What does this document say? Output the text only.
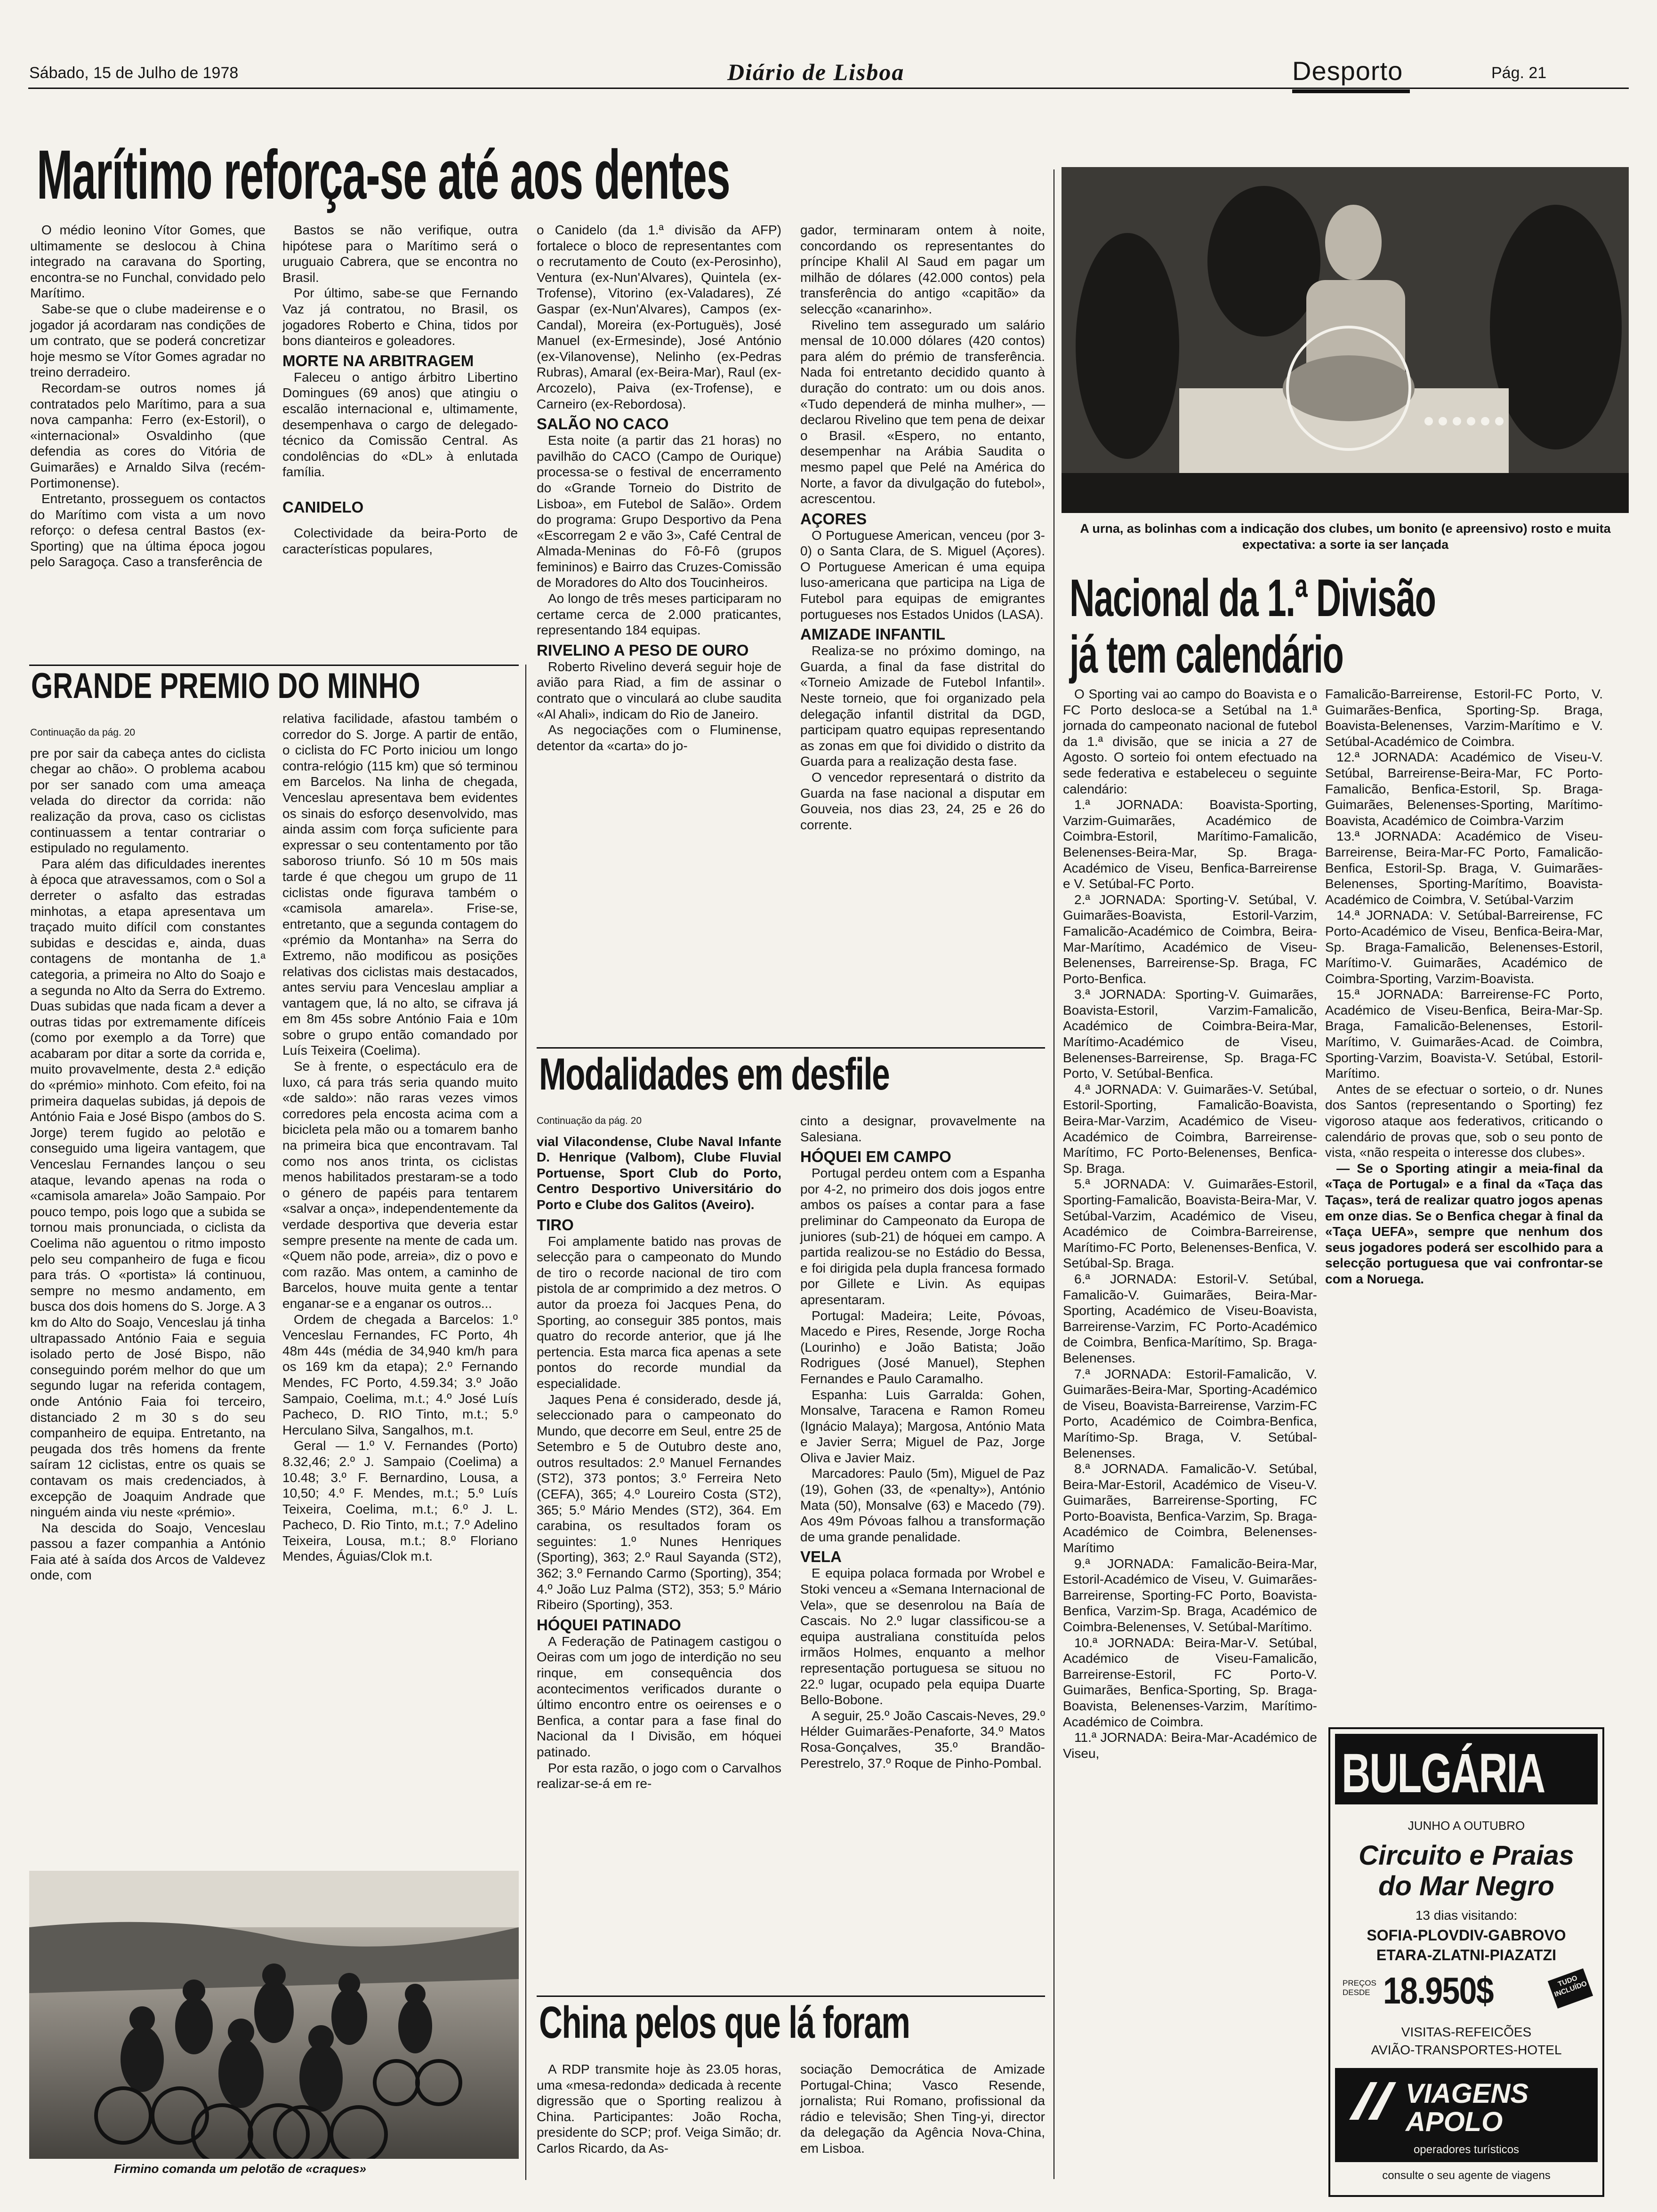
Sábado, 15 de Julho de 1978	Diário de Lisboa	Desporto	Pág. 21
Marítimo reforça-se até aos dentes

O médio leonino Vítor Gomes, que ultimamente se deslocou à China integrado na caravana do Sporting, encontra-se no Funchal, convidado pelo Marítimo.

Sabe-se que o clube madeirense e o jogador já acordaram nas condições de um contrato, que se poderá concretizar hoje mesmo se Vítor Gomes agradar no treino derradeiro.

Recordam-se outros nomes já contratados pelo Marítimo, para a sua nova campanha: Ferro (ex-Estoril), o «internacional» Osvaldinho (que defendia as cores do Vitória de Guimarães) e Arnaldo Silva (recém-Portimonense).

Entretanto, prosseguem os contactos do Marítimo com vista a um novo reforço: o defesa central Bastos (ex-Sporting) que na última época jogou pelo Saragoça. Caso a transferência de

Bastos se não verifique, outra hipótese para o Marítimo será o uruguaio Cabrera, que se encontra no Brasil.

Por último, sabe-se que Fernando Vaz já contratou, no Brasil, os jogadores Roberto e China, tidos por bons dianteiros e goleadores.

MORTE NA ARBITRAGEM

Faleceu o antigo árbitro Libertino Domingues (69 anos) que atingiu o escalão internacional e, ultimamente, desempenhava o cargo de delegado-técnico da Comissão Central. As condolências do «DL» à enlutada família.

CANIDELO

Colectividade da beira-Porto de características populares,

o Canidelo (da 1.ª divisão da AFP) fortalece o bloco de representantes com o recrutamento de Couto (ex-Perosinho), Ventura (ex-Nun'Alvares), Quintela (ex-Trofense), Vitorino (ex-Valadares), Zé Gaspar (ex-Nun'Alvares), Campos (ex-Candal), Moreira (ex-Portuguës), José Manuel (ex-Ermesinde), José António (ex-Vilanovense), Nelinho (ex-Pedras Rubras), Amaral (ex-Beira-Mar), Raul (ex-Arcozelo), Paiva (ex-Trofense), e Carneiro (ex-Rebordosa).

SALÃO NO CACO

Esta noite (a partir das 21 horas) no pavilhão do CACO (Campo de Ourique) processa-se o festival de encerramento do «Grande Torneio do Distrito de Lisboa», em Futebol de Salão». Ordem do programa: Grupo Desportivo da Pena «Escorregam 2 e vão 3», Café Central de Almada-Meninas do Fô-Fô (grupos femininos) e Bairro das Cruzes-Comissão de Moradores do Alto dos Toucinheiros.

Ao longo de três meses participaram no certame cerca de 2.000 praticantes, representando 184 equipas.

RIVELINO A PESO DE OURO

Roberto Rivelino deverá seguir hoje de avião para Riad, a fim de assinar o contrato que o vinculará ao clube saudita «Al Ahali», indicam do Rio de Janeiro.

As negociações com o Fluminense, detentor da «carta» do jo-

gador, terminaram ontem à noite, concordando os representantes do príncipe Khalil Al Saud em pagar um milhão de dólares (42.000 contos) pela transferência do antigo «capitão» da selecção «canarinho».

Rivelino tem assegurado um salário mensal de 10.000 dólares (420 contos) para além do prémio de transferência. Nada foi entretanto decidido quanto à duração do contrato: um ou dois anos. «Tudo dependerá de minha mulher», — declarou Rivelino que tem pena de deixar o Brasil. «Espero, no entanto, desempenhar na Arábia Saudita o mesmo papel que Pelé na América do Norte, a favor da divulgação do futebol», acrescentou.

AÇORES

O Portuguese American, venceu (por 3-0) o Santa Clara, de S. Miguel (Açores). O Portuguese American é uma equipa luso-americana que participa na Liga de Futebol para equipas de emigrantes portugueses nos Estados Unidos (LASA).

AMIZADE INFANTIL

Realiza-se no próximo domingo, na Guarda, a final da fase distrital do «Torneio Amizade de Futebol Infantil». Neste torneio, que foi organizado pela delegação infantil distrital da DGD, participam quatro equipas representando as zonas em que foi dividido o distrito da Guarda para a realização desta fase.

O vencedor representará o distrito da Guarda na fase nacional a disputar em Gouveia, nos dias 23, 24, 25 e 26 do corrente.

GRANDE PREMIO DO MINHO

Continuação da pág. 20

pre por sair da cabeça antes do ciclista chegar ao chão». O problema acabou por ser sanado com uma ameaça velada do director da corrida: não realização da prova, caso os ciclistas continuassem a tentar contrariar o estipulado no regulamento.

Para além das dificuldades inerentes à época que atravessamos, com o Sol a derreter o asfalto das estradas minhotas, a etapa apresentava um traçado muito difícil com constantes subidas e descidas e, ainda, duas contagens de montanha de 1.ª categoria, a primeira no Alto do Soajo e a segunda no Alto da Serra do Extremo. Duas subidas que nada ficam a dever a outras tidas por extremamente difíceis (como por exemplo a da Torre) que acabaram por ditar a sorte da corrida e, muito provavelmente, desta 2.ª edição do «prémio» minhoto. Com efeito, foi na primeira daquelas subidas, já depois de António Faia e José Bispo (ambos do S. Jorge) terem fugido ao pelotão e conseguido uma ligeira vantagem, que Venceslau Fernandes lançou o seu ataque, levando apenas na roda o «camisola amarela» João Sampaio. Por pouco tempo, pois logo que a subida se tornou mais pronunciada, o ciclista da Coelima não aguentou o ritmo imposto pelo seu companheiro de fuga e ficou para trás. O «portista» lá continuou, sempre no mesmo andamento, em busca dos dois homens do S. Jorge. A 3 km do Alto do Soajo, Venceslau já tinha ultrapassado António Faia e seguia isolado perto de José Bispo, não conseguindo porém melhor do que um segundo lugar na referida contagem, onde António Faia foi terceiro, distanciado 2 m 30 s do seu companheiro de equipa. Entretanto, na peugada dos três homens da frente saíram 12 ciclistas, entre os quais se contavam os mais credenciados, à excepção de Joaquim Andrade que ninguém ainda viu neste «prémio».

Na descida do Soajo, Venceslau passou a fazer companhia a António Faia até à saída dos Arcos de Valdevez onde, com

relativa facilidade, afastou também o corredor do S. Jorge. A partir de então, o ciclista do FC Porto iniciou um longo contra-relógio (115 km) que só terminou em Barcelos. Na linha de chegada, Venceslau apresentava bem evidentes os sinais do esforço desenvolvido, mas ainda assim com força suficiente para expressar o seu contentamento por tão saboroso triunfo. Só 10 m 50s mais tarde é que chegou um grupo de 11 ciclistas onde figurava também o «camisola amarela». Frise-se, entretanto, que a segunda contagem do «prémio da Montanha» na Serra do Extremo, não modificou as posições relativas dos ciclistas mais destacados, antes serviu para Venceslau ampliar a vantagem que, lá no alto, se cifrava já em 8m 45s sobre António Faia e 10m sobre o grupo então comandado por Luís Teixeira (Coelima).

Se à frente, o espectáculo era de luxo, cá para trás seria quando muito «de saldo»: não raras vezes vimos corredores pela encosta acima com a bicicleta pela mão ou a tomarem banho na primeira bica que encontravam. Tal como nos anos trinta, os ciclistas menos habilitados prestaram-se a todo o género de papéis para tentarem «salvar a onça», independentemente da verdade desportiva que deveria estar sempre presente na mente de cada um. «Quem não pode, arreia», diz o povo e com razão. Mas ontem, a caminho de Barcelos, houve muita gente a tentar enganar-se e a enganar os outros...

Ordem de chegada a Barcelos: 1.º Venceslau Fernandes, FC Porto, 4h 48m 44s (média de 34,940 km/h para os 169 km da etapa); 2.º Fernando Mendes, FC Porto, 4.59.34; 3.º João Sampaio, Coelima, m.t.; 4.º José Luís Pacheco, D. RIO Tinto, m.t.; 5.º Herculano Silva, Sangalhos, m.t.

Geral — 1.º V. Fernandes (Porto) 8.32,46; 2.º J. Sampaio (Coelima) a 10.48; 3.º F. Bernardino, Lousa, a 10,50; 4.º F. Mendes, m.t.; 5.º Luís Teixeira, Coelima, m.t.; 6.º J. L. Pacheco, D. Rio Tinto, m.t.; 7.º Adelino Teixeira, Lousa, m.t.; 8.º Floriano Mendes, Águias/Clok m.t.

Firmino comanda um pelotão de «craques»
Modalidades em desfile

Continuação da pág. 20

vial Vilacondense, Clube Naval Infante D. Henrique (Valbom), Clube Fluvial Portuense, Sport Club do Porto, Centro Desportivo Universitário do Porto e Clube dos Galitos (Aveiro).

TIRO

Foi amplamente batido nas provas de selecção para o campeonato do Mundo de tiro o recorde nacional de tiro com pistola de ar comprimido a dez metros. O autor da proeza foi Jacques Pena, do Sporting, ao conseguir 385 pontos, mais quatro do recorde anterior, que já lhe pertencia. Esta marca fica apenas a sete pontos do recorde mundial da especialidade.

Jaques Pena é considerado, desde já, seleccionado para o campeonato do Mundo, que decorre em Seul, entre 25 de Setembro e 5 de Outubro deste ano, outros resultados: 2.º Manuel Fernandes (ST2), 373 pontos; 3.º Ferreira Neto (CEFA), 365; 4.º Loureiro Costa (ST2), 365; 5.º Mário Mendes (ST2), 364. Em carabina, os resultados foram os seguintes: 1.º Nunes Henriques (Sporting), 363; 2.º Raul Sayanda (ST2), 362; 3.º Fernando Carmo (Sporting), 354; 4.º João Luz Palma (ST2), 353; 5.º Mário Ribeiro (Sporting), 353.

HÓQUEI PATINADO

A Federação de Patinagem castigou o Oeiras com um jogo de interdição no seu rinque, em consequência dos acontecimentos verificados durante o último encontro entre os oeirenses e o Benfica, a contar para a fase final do Nacional da I Divisão, em hóquei patinado.

Por esta razão, o jogo com o Carvalhos realizar-se-á em re-

cinto a designar, provavelmente na Salesiana.

HÓQUEI EM CAMPO

Portugal perdeu ontem com a Espanha por 4-2, no primeiro dos dois jogos entre ambos os países a contar para a fase preliminar do Campeonato da Europa de juniores (sub-21) de hóquei em campo. A partida realizou-se no Estádio do Bessa, e foi dirigida pela dupla francesa formado por Gillete e Livin. As equipas apresentaram.

Portugal: Madeira; Leite, Póvoas, Macedo e Pires, Resende, Jorge Rocha (Lourinho) e João Batista; João Rodrigues (José Manuel), Stephen Fernandes e Paulo Caramalho.

Espanha: Luis Garralda: Gohen, Monsalve, Taracena e Ramon Romeu (Ignácio Malaya); Margosa, António Mata e Javier Serra; Miguel de Paz, Jorge Oliva e Javier Maiz.

Marcadores: Paulo (5m), Miguel de Paz (19), Gohen (33, de «penalty»), António Mata (50), Monsalve (63) e Macedo (79). Aos 49m Póvoas falhou a transformação de uma grande penalidade.

VELA

E equipa polaca formada por Wrobel e Stoki venceu a «Semana Internacional de Vela», que se desenrolou na Baía de Cascais. No 2.º lugar classificou-se a equipa australiana constituída pelos irmãos Holmes, enquanto a melhor representação portuguesa se situou no 22.º lugar, ocupado pela equipa Duarte Bello-Bobone.

A seguir, 25.º João Cascais-Neves, 29.º Hélder Guimarães-Penaforte, 34.º Matos Rosa-Gonçalves, 35.º Brandão-Perestrelo, 37.º Roque de Pinho-Pombal.

China pelos que lá foram

A RDP transmite hoje às 23.05 horas, uma «mesa-redonda» dedicada à recente digressão que o Sporting realizou à China. Participantes: João Rocha, presidente do SCP; prof. Veiga Simão; dr. Carlos Ricardo, da As-

sociação Democrática de Amizade Portugal-China; Vasco Resende, jornalista; Rui Romano, profissional da rádio e televisão; Shen Ting-yi, director da delegação da Agência Nova-China, em Lisboa.

A urna, as bolinhas com a indicação dos clubes, um bonito (e apreensivo) rosto e muita expectativa: a sorte ia ser lançada
Nacional da 1.ª Divisão
já tem calendário

O Sporting vai ao campo do Boavista e o FC Porto desloca-se a Setúbal na 1.ª jornada do campeonato nacional de futebol da 1.ª divisão, que se inicia a 27 de Agosto. O sorteio foi ontem efectuado na sede federativa e estabeleceu o seguinte calendário:

1.ª JORNADA: Boavista-Sporting, Varzim-Guimarães, Académico de Coimbra-Estoril, Marítimo-Famalicão, Belenenses-Beira-Mar, Sp. Braga-Académico de Viseu, Benfica-Barreirense e V. Setúbal-FC Porto.

2.ª JORNADA: Sporting-V. Setúbal, V. Guimarães-Boavista, Estoril-Varzim, Famalicão-Académico de Coimbra, Beira-Mar-Marítimo, Académico de Viseu-Belenenses, Barreirense-Sp. Braga, FC Porto-Benfica.

3.ª JORNADA: Sporting-V. Guimarães, Boavista-Estoril, Varzim-Famalicão, Académico de Coimbra-Beira-Mar, Marítimo-Académico de Viseu, Belenenses-Barreirense, Sp. Braga-FC Porto, V. Setúbal-Benfica.

4.ª JORNADA: V. Guimarães-V. Setúbal, Estoril-Sporting, Famalicão-Boavista, Beira-Mar-Varzim, Académico de Viseu-Académico de Coimbra, Barreirense-Marítimo, FC Porto-Belenenses, Benfica-Sp. Braga.

5.ª JORNADA: V. Guimarães-Estoril, Sporting-Famalicão, Boavista-Beira-Mar, V. Setúbal-Varzim, Académico de Viseu, Académico de Coimbra-Barreirense, Marítimo-FC Porto, Belenenses-Benfica, V. Setúbal-Sp. Braga.

6.ª JORNADA: Estoril-V. Setúbal, Famalicão-V. Guimarães, Beira-Mar-Sporting, Académico de Viseu-Boavista, Barreirense-Varzim, FC Porto-Académico de Coimbra, Benfica-Marítimo, Sp. Braga-Belenenses.

7.ª JORNADA: Estoril-Famalicão, V. Guimarães-Beira-Mar, Sporting-Académico de Viseu, Boavista-Barreirense, Varzim-FC Porto, Académico de Coimbra-Benfica, Marítimo-Sp. Braga, V. Setúbal-Belenenses.

8.ª JORNADA. Famalicão-V. Setúbal, Beira-Mar-Estoril, Académico de Viseu-V. Guimarães, Barreirense-Sporting, FC Porto-Boavista, Benfica-Varzim, Sp. Braga-Académico de Coimbra, Belenenses-Marítimo

9.ª JORNADA: Famalicão-Beira-Mar, Estoril-Académico de Viseu, V. Guimarães-Barreirense, Sporting-FC Porto, Boavista-Benfica, Varzim-Sp. Braga, Académico de Coimbra-Belenenses, V. Setúbal-Marítimo.

10.ª JORNADA: Beira-Mar-V. Setúbal, Académico de Viseu-Famalicão, Barreirense-Estoril, FC Porto-V. Guimarães, Benfica-Sporting, Sp. Braga-Boavista, Belenenses-Varzim, Marítimo-Académico de Coimbra.

11.ª JORNADA: Beira-Mar-Académico de Viseu,

Famalicão-Barreirense, Estoril-FC Porto, V. Guimarães-Benfica, Sporting-Sp. Braga, Boavista-Belenenses, Varzim-Marítimo e V. Setúbal-Académico de Coimbra.

12.ª JORNADA: Académico de Viseu-V. Setúbal, Barreirense-Beira-Mar, FC Porto-Famalicão, Benfica-Estoril, Sp. Braga-Guimarães, Belenenses-Sporting, Marítimo-Boavista, Académico de Coimbra-Varzim

13.ª JORNADA: Académico de Viseu-Barreirense, Beira-Mar-FC Porto, Famalicão-Benfica, Estoril-Sp. Braga, V. Guimarães-Belenenses, Sporting-Marítimo, Boavista-Académico de Coimbra, V. Setúbal-Varzim

14.ª JORNADA: V. Setúbal-Barreirense, FC Porto-Académico de Viseu, Benfica-Beira-Mar, Sp. Braga-Famalicão, Belenenses-Estoril, Marítimo-V. Guimarães, Académico de Coimbra-Sporting, Varzim-Boavista.

15.ª JORNADA: Barreirense-FC Porto, Académico de Viseu-Benfica, Beira-Mar-Sp. Braga, Famalicão-Belenenses, Estoril-Marítimo, V. Guimarães-Acad. de Coimbra, Sporting-Varzim, Boavista-V. Setúbal, Estoril-Marítimo.

Antes de se efectuar o sorteio, o dr. Nunes dos Santos (representando o Sporting) fez vigoroso ataque aos federativos, criticando o calendário de provas que, sob o seu ponto de vista, «não respeita o interesse dos clubes».

— Se o Sporting atingir a meia-final da «Taça de Portugal» e a final da «Taça das Taças», terá de realizar quatro jogos apenas em onze dias. Se o Benfica chegar à final da «Taça UEFA», sempre que nenhum dos seus jogadores poderá ser escolhido para a selecção portuguesa que vai confrontar-se com a Noruega.

BULGÁRIA
JUNHO A OUTUBRO
Circuito e Praias
do Mar Negro
13 dias visitando:
SOFIA-PLOVDIV-GABROVO
ETARA-ZLATNI-PIAZATZI
PREÇOS DESDE 18.950$	TUDO INCLUÍDO
VISITAS-REFEICÕES
AVIÃO-TRANSPORTES-HOTEL
VIAGENS APOLO
operadores turísticos
consulte o seu agente de viagens
